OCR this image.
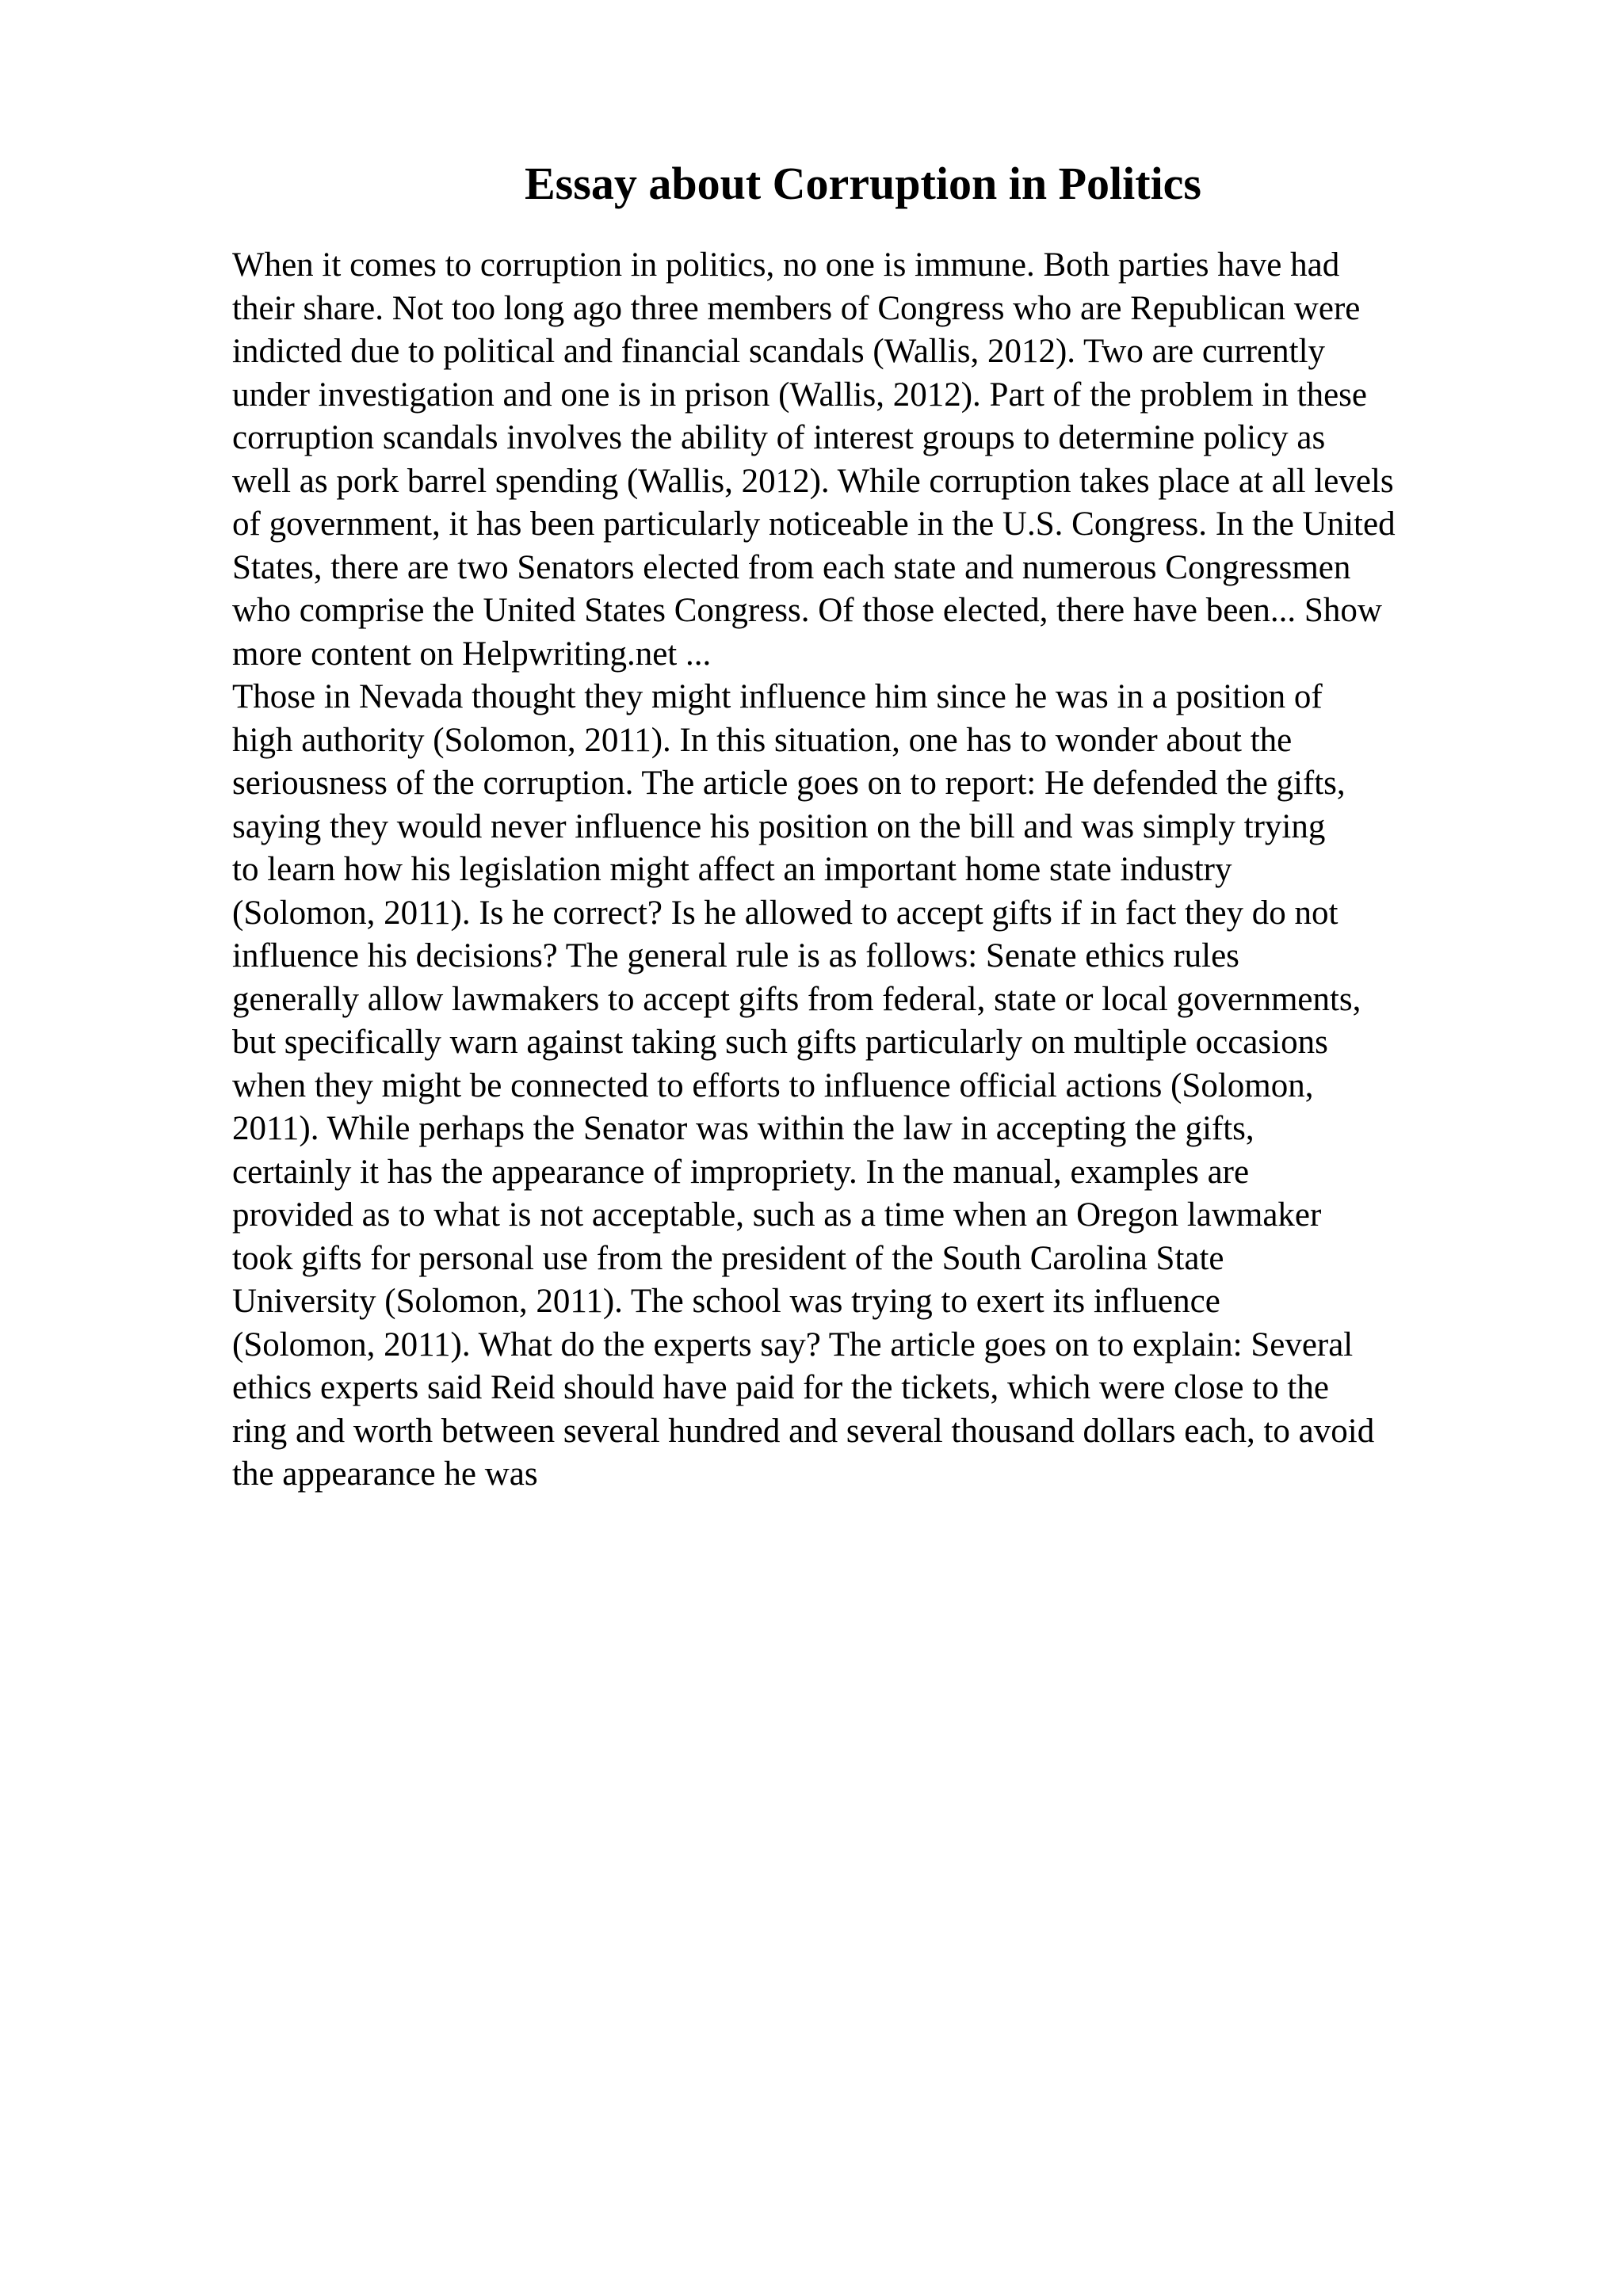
Essay about Corruption in Politics
When it comes to corruption in politics, no one is immune. Both parties have had
their share. Not too long ago three members of Congress who are Republican were
indicted due to political and financial scandals (Wallis, 2012). Two are currently
under investigation and one is in prison (Wallis, 2012). Part of the problem in these
corruption scandals involves the ability of interest groups to determine policy as
well as pork barrel spending (Wallis, 2012). While corruption takes place at all levels
of government, it has been particularly noticeable in the U.S. Congress. In the United
States, there are two Senators elected from each state and numerous Congressmen
who comprise the United States Congress. Of those elected, there have been... Show
more content on Helpwriting.net ...
Those in Nevada thought they might influence him since he was in a position of
high authority (Solomon, 2011). In this situation, one has to wonder about the
seriousness of the corruption. The article goes on to report: He defended the gifts,
saying they would never influence his position on the bill and was simply trying
to learn how his legislation might affect an important home state industry
(Solomon, 2011). Is he correct? Is he allowed to accept gifts if in fact they do not
influence his decisions? The general rule is as follows: Senate ethics rules
generally allow lawmakers to accept gifts from federal, state or local governments,
but specifically warn against taking such gifts particularly on multiple occasions
when they might be connected to efforts to influence official actions (Solomon,
2011). While perhaps the Senator was within the law in accepting the gifts,
certainly it has the appearance of impropriety. In the manual, examples are
provided as to what is not acceptable, such as a time when an Oregon lawmaker
took gifts for personal use from the president of the South Carolina State
University (Solomon, 2011). The school was trying to exert its influence
(Solomon, 2011). What do the experts say? The article goes on to explain: Several
ethics experts said Reid should have paid for the tickets, which were close to the
ring and worth between several hundred and several thousand dollars each, to avoid
the appearance he was
